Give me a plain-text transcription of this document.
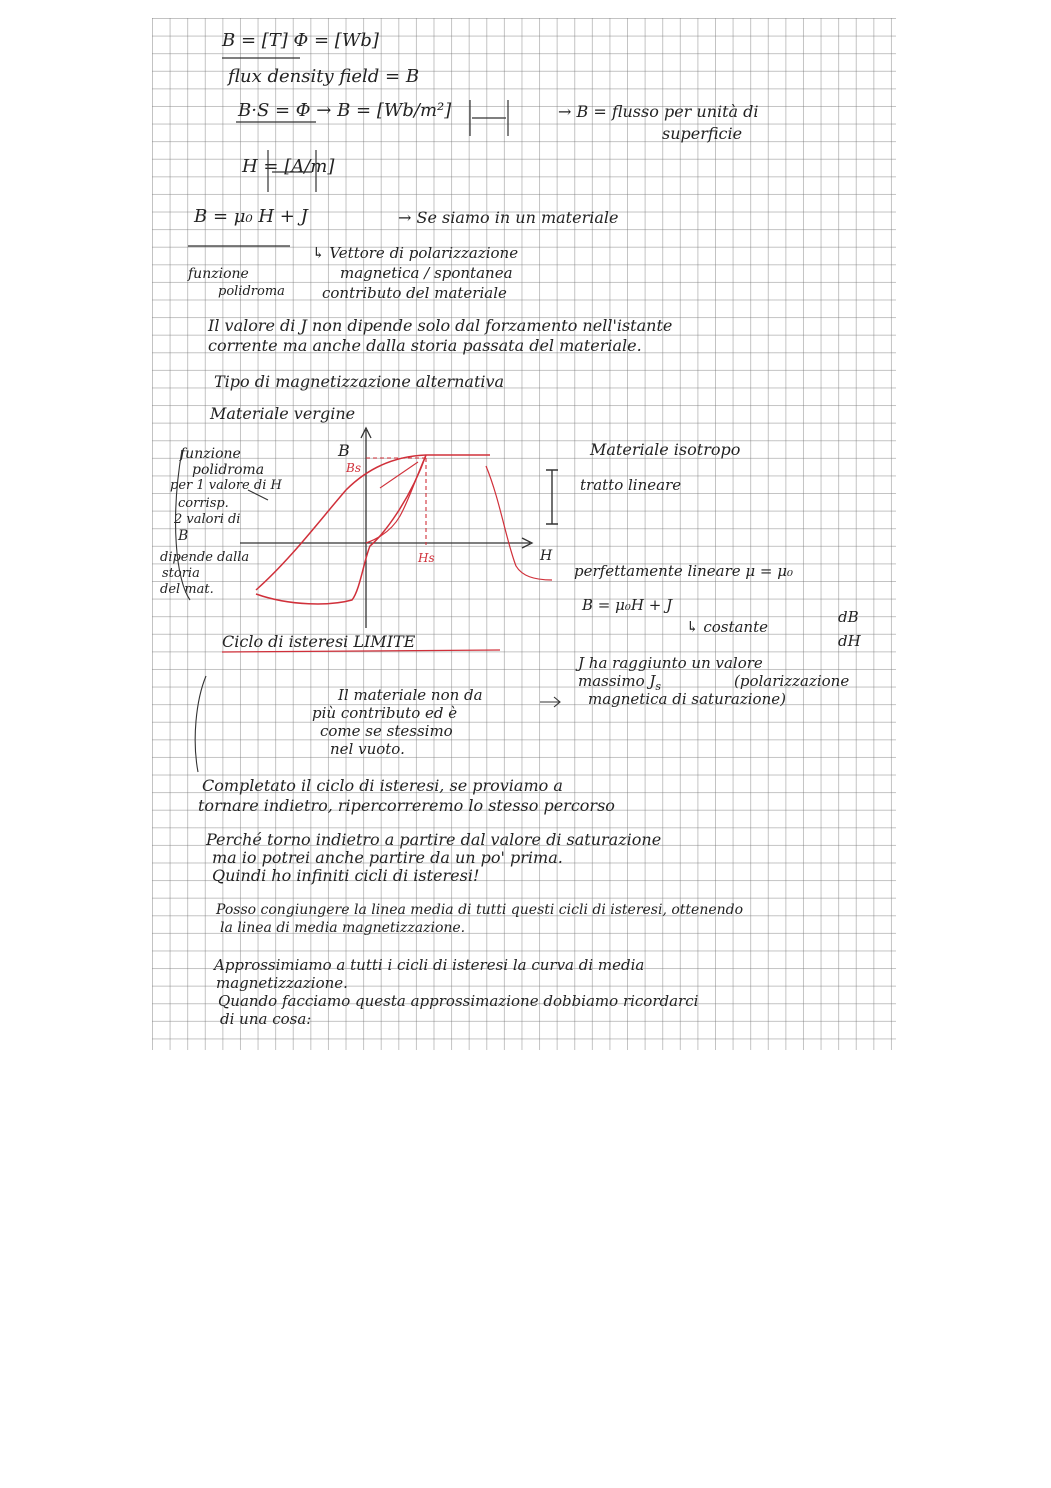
B = [T] Φ = [Wb]
flux density field = B
B·S = Φ → B = [Wb/m²]	→ B = flusso per unità di
superficie
H = [A/m]
B = μ₀ H + J	→ Se siamo in un materiale
↳ Vettore di polarizzazione
magnetica / spontanea
funzione
polidroma contributo del materiale
Il valore di J non dipende solo dal forzamento nell'istante
corrente ma anche dalla storia passata del materiale.
Tipo di magnetizzazione alternativa
Materiale vergine
Materiale isotropo
tratto lineare
funzione
polidroma
per 1 valore di H
corrisp.
2 valori di
B
dipende dalla
storia
del mat.
perfettamente lineare μ = μ₀
B = μ₀H + J
↳ costante
dB
dH
Ciclo di isteresi LIMITE
J ha raggiunto un valore
massimo $J_s$	(polarizzazione
magnetica di saturazione)
Il materiale non da
più contributo ed è
come se stessimo
nel vuoto.
Completato il ciclo di isteresi, se proviamo a
tornare indietro, ripercorreremo lo stesso percorso
Perché torno indietro a partire dal valore di saturazione
ma io potrei anche partire da un po' prima.
Quindi ho infiniti cicli di isteresi!
Posso congiungere la linea media di tutti questi cicli di isteresi, ottenendo
la linea di media magnetizzazione.
Approssimiamo a tutti i cicli di isteresi la curva di media
magnetizzazione.
Quando facciamo questa approssimazione dobbiamo ricordarci
di una cosa:
B
H
Bs
Hs
